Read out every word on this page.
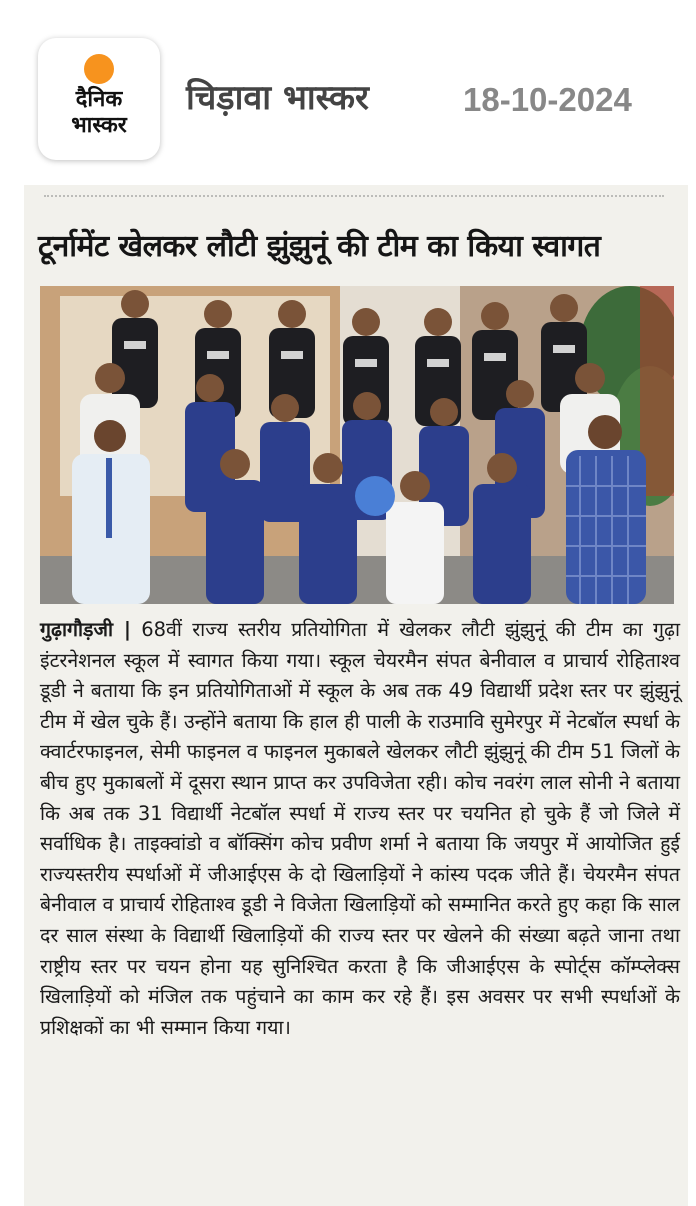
दैनिक
भास्कर
चिड़ावा भास्कर	18-10-2024
टूर्नामेंट खेलकर लौटी झुंझुनूं की टीम का किया स्वागत
गुढ़ागौड़जी | 68वीं राज्य स्तरीय प्रतियोगिता में खेलकर लौटी झुंझुनूं की टीम का गुढ़ा इंटरनेशनल स्कूल में स्वागत किया गया। स्कूल चेयरमैन संपत बेनीवाल व प्राचार्य रोहिताश्व डूडी ने बताया कि इन प्रतियोगिताओं में स्कूल के अब तक 49 विद्यार्थी प्रदेश स्तर पर झुंझुनूं टीम में खेल चुके हैं। उन्होंने बताया कि हाल ही पाली के राउमावि सुमेरपुर में नेटबॉल स्पर्धा के क्वार्टरफाइनल, सेमी फाइनल व फाइनल मुकाबले खेलकर लौटी झुंझुनूं की टीम 51 जिलों के बीच हुए मुकाबलों में दूसरा स्थान प्राप्त कर उपविजेता रही। कोच नवरंग लाल सोनी ने बताया कि अब तक 31 विद्यार्थी नेटबॉल स्पर्धा में राज्य स्तर पर चयनित हो चुके हैं जो जिले में सर्वाधिक है। ताइक्वांडो व बॉक्सिंग कोच प्रवीण शर्मा ने बताया कि जयपुर में आयोजित हुई राज्यस्तरीय स्पर्धाओं में जीआईएस के दो खिलाड़ियों ने कांस्य पदक जीते हैं। चेयरमैन संपत बेनीवाल व प्राचार्य रोहिताश्व डूडी ने विजेता खिलाड़ियों को सम्मानित करते हुए कहा कि साल दर साल संस्था के विद्यार्थी खिलाड़ियों की राज्य स्तर पर खेलने की संख्या बढ़ते जाना तथा राष्ट्रीय स्तर पर चयन होना यह सुनिश्चित करता है कि जीआईएस के स्पोर्ट्स कॉम्प्लेक्स खिलाड़ियों को मंजिल तक पहुंचाने का काम कर रहे हैं। इस अवसर पर सभी स्पर्धाओं के प्रशिक्षकों का भी सम्मान किया गया।
